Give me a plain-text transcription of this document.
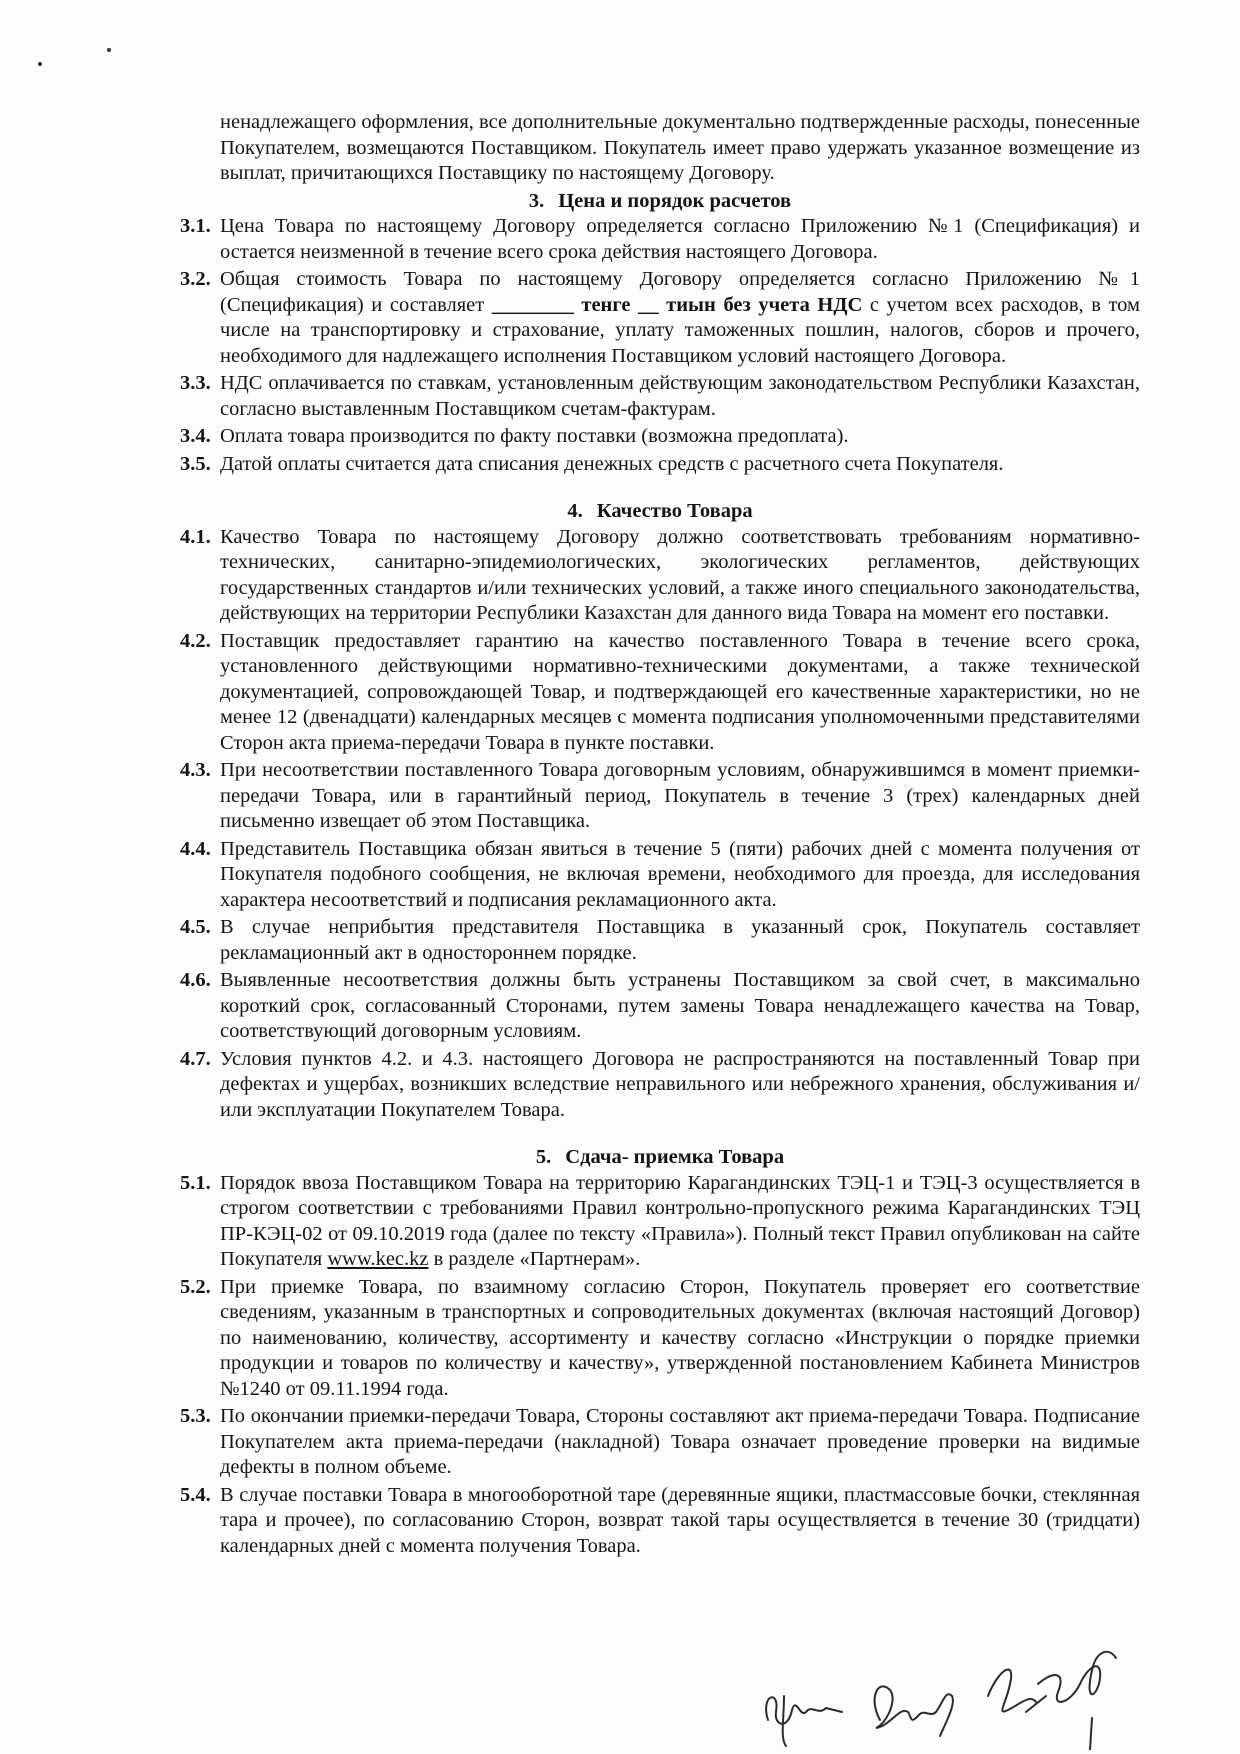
ненадлежащего оформления, все дополнительные документально подтвержденные расходы, понесенные Покупателем, возмещаются Поставщиком. Покупатель имеет право удержать указанное возмещение из выплат, причитающихся Поставщику по настоящему Договору.
3. Цена и порядок расчетов
3.1. Цена Товара по настоящему Договору определяется согласно Приложению №1 (Спецификация) и остается неизменной в течение всего срока действия настоящего Договора.
3.2. Общая стоимость Товара по настоящему Договору определяется согласно Приложению №1 (Спецификация) и составляет ________ тенге __ тиын без учета НДС с учетом всех расходов, в том числе на транспортировку и страхование, уплату таможенных пошлин, налогов, сборов и прочего, необходимого для надлежащего исполнения Поставщиком условий настоящего Договора.
3.3. НДС оплачивается по ставкам, установленным действующим законодательством Республики Казахстан, согласно выставленным Поставщиком счетам-фактурам.
3.4. Оплата товара производится по факту поставки (возможна предоплата).
3.5. Датой оплаты считается дата списания денежных средств с расчетного счета Покупателя.
4. Качество Товара
4.1. Качество Товара по настоящему Договору должно соответствовать требованиям нормативно-технических, санитарно-эпидемиологических, экологических регламентов, действующих государственных стандартов и/или технических условий, а также иного специального законодательства, действующих на территории Республики Казахстан для данного вида Товара на момент его поставки.
4.2. Поставщик предоставляет гарантию на качество поставленного Товара в течение всего срока, установленного действующими нормативно-техническими документами, а также технической документацией, сопровождающей Товар, и подтверждающей его качественные характеристики, но не менее 12 (двенадцати) календарных месяцев с момента подписания уполномоченными представителями Сторон акта приема-передачи Товара в пункте поставки.
4.3. При несоответствии поставленного Товара договорным условиям, обнаружившимся в момент приемки-передачи Товара, или в гарантийный период, Покупатель в течение 3 (трех) календарных дней письменно извещает об этом Поставщика.
4.4. Представитель Поставщика обязан явиться в течение 5 (пяти) рабочих дней с момента получения от Покупателя подобного сообщения, не включая времени, необходимого для проезда, для исследования характера несоответствий и подписания рекламационного акта.
4.5. В случае неприбытия представителя Поставщика в указанный срок, Покупатель составляет рекламационный акт в одностороннем порядке.
4.6. Выявленные несоответствия должны быть устранены Поставщиком за свой счет, в максимально короткий срок, согласованный Сторонами, путем замены Товара ненадлежащего качества на Товар, соответствующий договорным условиям.
4.7. Условия пунктов 4.2. и 4.3. настоящего Договора не распространяются на поставленный Товар при дефектах и ущербах, возникших вследствие неправильного или небрежного хранения, обслуживания и/или эксплуатации Покупателем Товара.
5. Сдача- приемка Товара
5.1. Порядок ввоза Поставщиком Товара на территорию Карагандинских ТЭЦ-1 и ТЭЦ-3 осуществляется в строгом соответствии с требованиями Правил контрольно-пропускного режима Карагандинских ТЭЦ ПР-КЭЦ-02 от 09.10.2019 года (далее по тексту «Правила»). Полный текст Правил опубликован на сайте Покупателя www.kec.kz в разделе «Партнерам».
5.2. При приемке Товара, по взаимному согласию Сторон, Покупатель проверяет его соответствие сведениям, указанным в транспортных и сопроводительных документах (включая настоящий Договор) по наименованию, количеству, ассортименту и качеству согласно «Инструкции о порядке приемки продукции и товаров по количеству и качеству», утвержденной постановлением Кабинета Министров №1240 от 09.11.1994 года.
5.3. По окончании приемки-передачи Товара, Стороны составляют акт приема-передачи Товара. Подписание Покупателем акта приема-передачи (накладной) Товара означает проведение проверки на видимые дефекты в полном объеме.
5.4. В случае поставки Товара в многооборотной таре (деревянные ящики, пластмассовые бочки, стеклянная тара и прочее), по согласованию Сторон, возврат такой тары осуществляется в течение 30 (тридцати) календарных дней с момента получения Товара.
